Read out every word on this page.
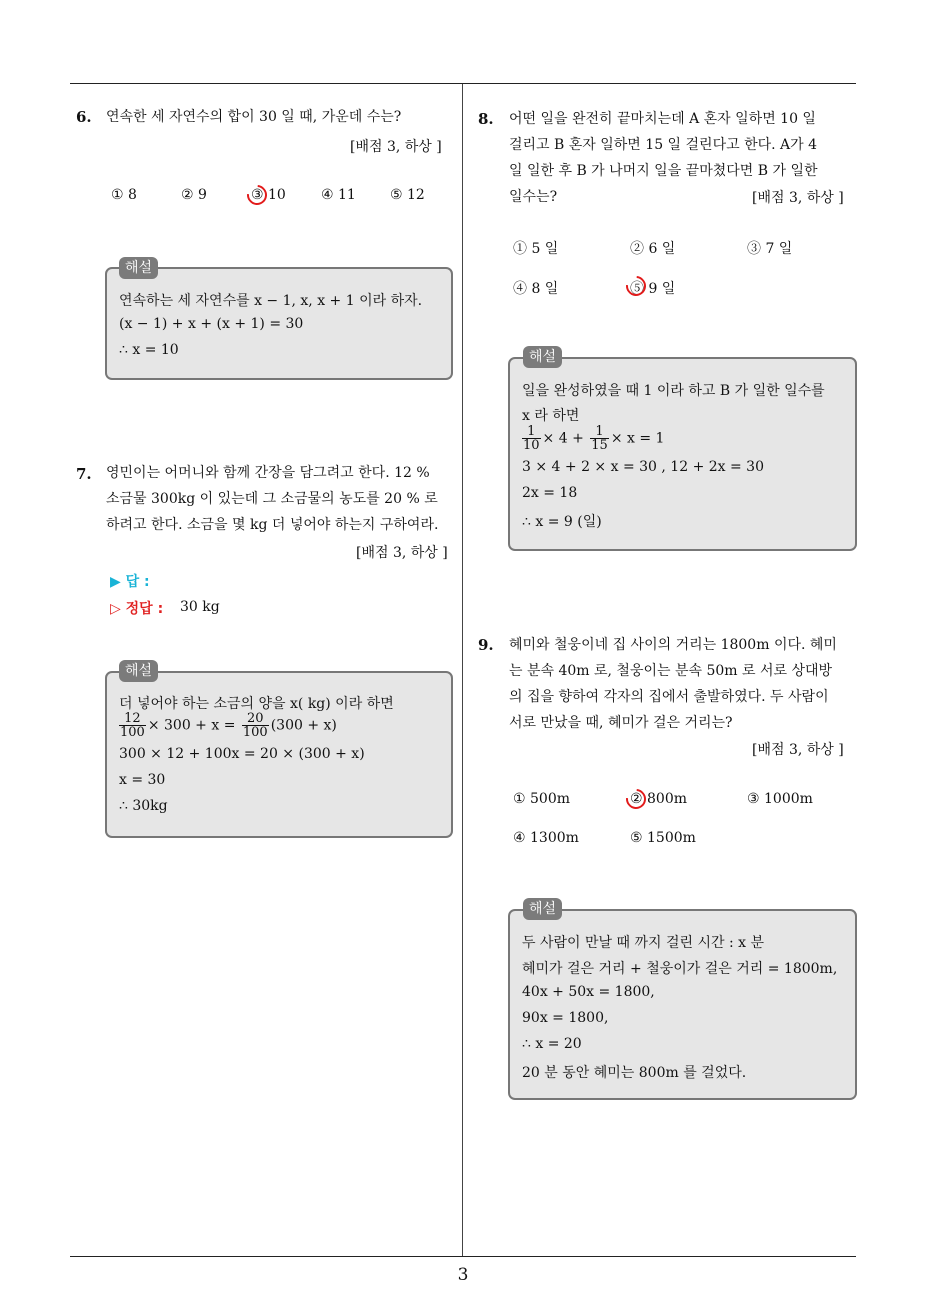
3
6. 연속한 세 자연수의 합이 30 일 때, 가운데 수는?
[배점 3, 하상 ]
① 8	② 9	③ 10	④ 11 ⑤ 12
해설
연속하는 세 자연수를 x − 1, x, x + 1 이라 하자.
(x − 1) + x + (x + 1) = 30
∴ x = 10
7. 영민이는 어머니와 함께 간장을 담그려고 한다. 12 %
소금물 300kg 이 있는데 그 소금물의 농도를 20 % 로
하려고 한다. 소금을 몇 kg 더 넣어야 하는지 구하여라.
[배점 3, 하상 ]
▶ 답 :
▷ 정답 : 30 kg
해설
더 넣어야 하는 소금의 양을 x( kg) 이라 하면
$\frac{12}{100} \times 300 + x = \frac{20}{100} (300 + x)$
300 × 12 + 100x = 20 × (300 + x)
x = 30
∴ 30kg
8. 어떤 일을 완전히 끝마치는데 A 혼자 일하면 10 일
걸리고 B 혼자 일하면 15 일 걸린다고 한다. A가 4
일 일한 후 B 가 나머지 일을 끝마쳤다면 B 가 일한
일수는?	[배점 3, 하상 ]
① 5 일	② 6 일	③ 7 일
④ 8 일	⑤ 9 일
해설
일을 완성하였을 때 1 이라 하고 B 가 일한 일수를
x 라 하면
$\frac{1}{10} \times 4 + \frac{1}{15} \times x = 1$
3 × 4 + 2 × x = 30 , 12 + 2x = 30
2x = 18
∴ x = 9 (일)
9. 혜미와 철웅이네 집 사이의 거리는 1800m 이다. 혜미
는 분속 40m 로, 철웅이는 분속 50m 로 서로 상대방
의 집을 향하여 각자의 집에서 출발하였다. 두 사람이
서로 만났을 때, 혜미가 걸은 거리는?
[배점 3, 하상 ]
① 500m	② 800m	③ 1000m
④ 1300m	⑤ 1500m
해설
두 사람이 만날 때 까지 걸린 시간 : x 분
혜미가 걸은 거리 + 철웅이가 걸은 거리 = 1800m,
40x + 50x = 1800,
90x = 1800,
∴ x = 20
20 분 동안 혜미는 800m 를 걸었다.
